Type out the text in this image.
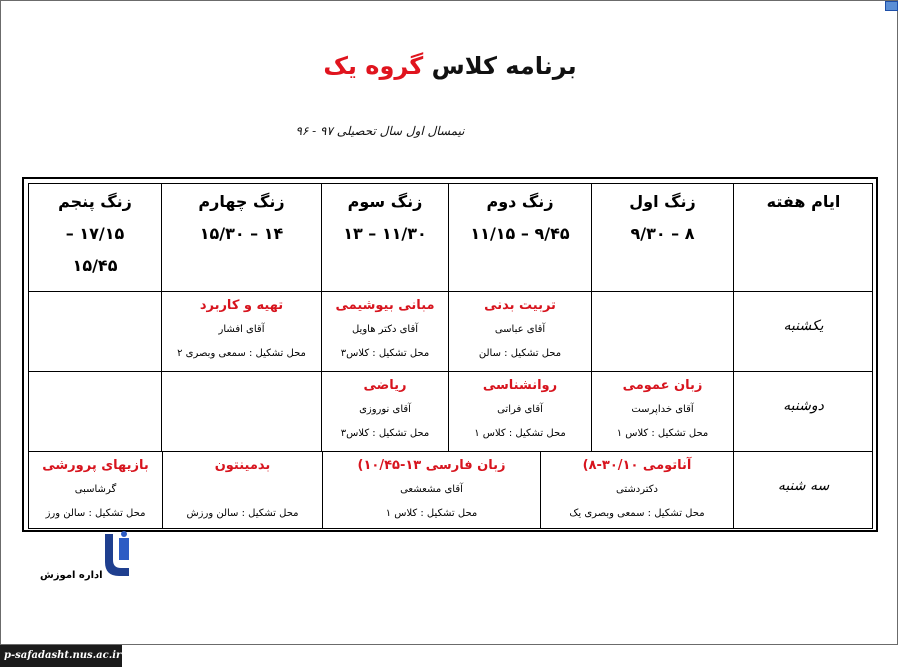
برنامه کلاس گروه یک
نیمسال اول سال تحصیلی ۹۷ - ۹۶
ایام هفته
زنگ اول
۸ – ۹/۳۰
زنگ دوم
۹/۴۵ – ۱۱/۱۵
زنگ سوم
۱۱/۳۰ – ۱۳
زنگ چهارم
۱۴ – ۱۵/۳۰
زنگ پنجم
۱۷/۱۵ –
۱۵/۴۵
یکشنبه
تربیت بدنی
آقای عباسی
محل تشکیل : سالن
مبانی بیوشیمی
آقای دکتر هاویل
محل تشکیل : کلاس۳
تهیه و کاربرد
آقای افشار
محل تشکیل : سمعی وبصری ۲
دوشنبه
زبان عمومی
آقای خداپرست
محل تشکیل : کلاس ۱
روانشناسی
آقای فراتی
محل تشکیل : کلاس ۱
ریاضی
آقای نوروزی
محل تشکیل : کلاس۳
سه شنبه
آناتومی ۳۰/۱۰-۸)
دکتردشتی
محل تشکیل : سمعی وبصری یک
زبان فارسی ۱۳-۱۰/۴۵)
آقای مشعشعی
محل تشکیل : کلاس ۱
بدمینتون
محل تشکیل : سالن ورزش
بازیهای پرورشی
گرشاسبی
محل تشکیل : سالن ورز
اداره اموزش
p-safadasht.nus.ac.ir
